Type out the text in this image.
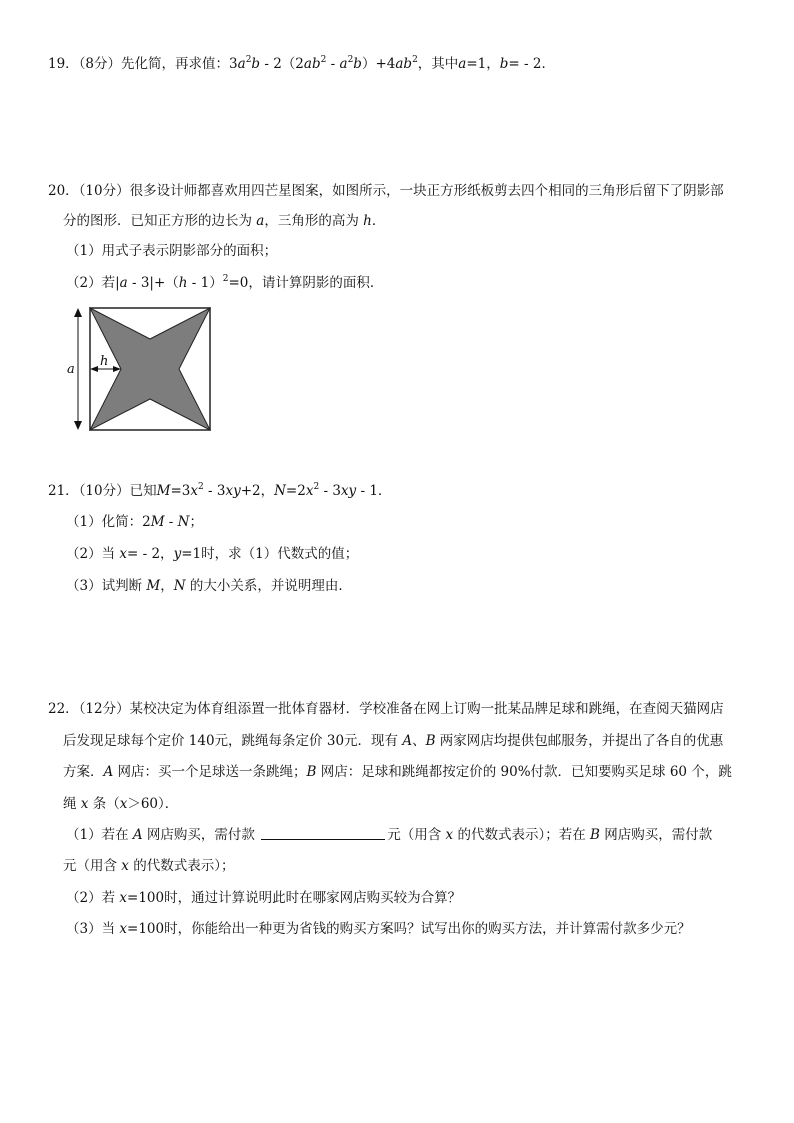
19．（8分）先化简，再求值：$3a^2b - 2(2ab^2 - a^2b)+4ab^2$，其中a=1，b= - 2．
20．（10分）很多设计师都喜欢用四芒星图案，如图所示，一块正方形纸板剪去四个相同的三角形后留下了阴影部
分的图形．已知正方形的边长为 a，三角形的高为 h．
（1）用式子表示阴影部分的面积；
（2）若|a - 3|+（h - 1）$^2$=0，请计算阴影的面积．
a
h
21．（10分）已知$M=3x^2 - 3xy+2$，$N=2x^2 - 3xy - 1$．
（1）化简：2M - N；
（2）当 x= - 2，y=1时，求（1）代数式的值；
（3）试判断 M，N 的大小关系，并说明理由．
22．（12分）某校决定为体育组添置一批体育器材．学校准备在网上订购一批某品牌足球和跳绳，在查阅天猫网店
后发现足球每个定价 140元，跳绳每条定价 30元．现有 A、B 两家网店均提供包邮服务，并提出了各自的优惠
方案．A 网店：买一个足球送一条跳绳；B 网店：足球和跳绳都按定价的 90%付款．已知要购买足球 60 个，跳
绳 x 条（x＞60）．
（1）若在 A 网店购买，需付款	元（用含 x 的代数式表示）；若在 B 网店购买，需付款
元（用含 x 的代数式表示）；
（2）若 x=100时，通过计算说明此时在哪家网店购买较为合算？
（3）当 x=100时，你能给出一种更为省钱的购买方案吗？试写出你的购买方法，并计算需付款多少元？
